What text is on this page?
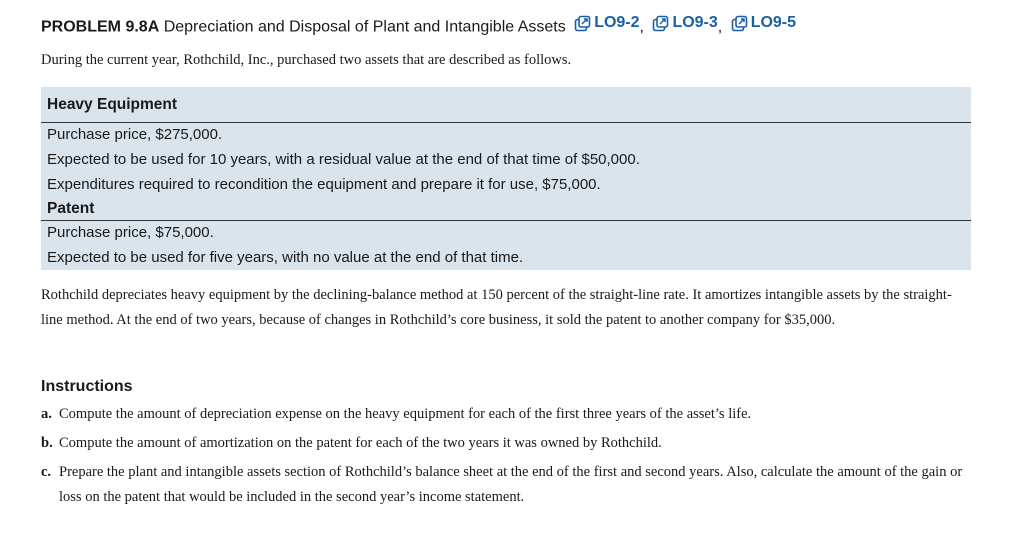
PROBLEM 9.8A Depreciation and Disposal of Plant and Intangible Assets LO9-2 , LO9-3 , LO9-5
During the current year, Rothchild, Inc., purchased two assets that are described as follows.
Heavy Equipment
Purchase price, $275,000.
Expected to be used for 10 years, with a residual value at the end of that time of $50,000.
Expenditures required to recondition the equipment and prepare it for use, $75,000.
Patent
Purchase price, $75,000.
Expected to be used for five years, with no value at the end of that time.
Rothchild depreciates heavy equipment by the declining-balance method at 150 percent of the straight-line rate. It amortizes intangible assets by the straight-line method. At the end of two years, because of changes in Rothchild’s core business, it sold the patent to another company for $35,000.
Instructions
a. Compute the amount of depreciation expense on the heavy equipment for each of the first three years of the asset’s life.
b. Compute the amount of amortization on the patent for each of the two years it was owned by Rothchild.
c. Prepare the plant and intangible assets section of Rothchild’s balance sheet at the end of the first and second years. Also, calculate the amount of the gain or loss on the patent that would be included in the second year’s income statement.
